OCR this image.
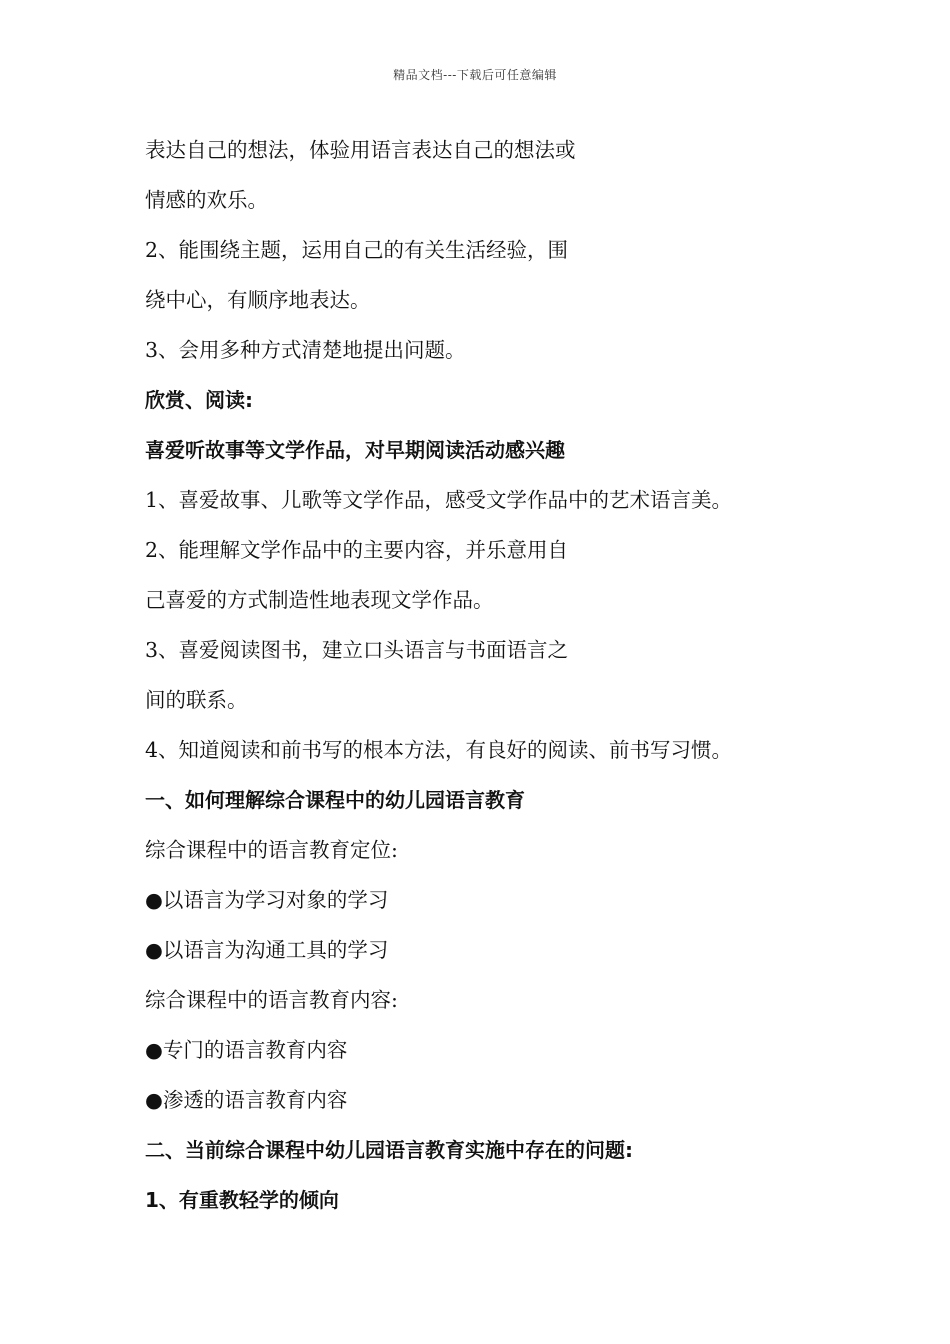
精品文档---下载后可任意编辑
表达自己的想法，体验用语言表达自己的想法或
情感的欢乐。
2、能围绕主题，运用自己的有关生活经验，围
绕中心，有顺序地表达。
3、会用多种方式清楚地提出问题。
欣赏、阅读:
喜爱听故事等文学作品，对早期阅读活动感兴趣
1、喜爱故事、儿歌等文学作品，感受文学作品中的艺术语言美。
2、能理解文学作品中的主要内容，并乐意用自
己喜爱的方式制造性地表现文学作品。
3、喜爱阅读图书，建立口头语言与书面语言之
间的联系。
4、知道阅读和前书写的根本方法，有良好的阅读、前书写习惯。
一、如何理解综合课程中的幼儿园语言教育
综合课程中的语言教育定位:
●以语言为学习对象的学习
●以语言为沟通工具的学习
综合课程中的语言教育内容:
●专门的语言教育内容
●渗透的语言教育内容
二、当前综合课程中幼儿园语言教育实施中存在的问题:
1、有重教轻学的倾向
